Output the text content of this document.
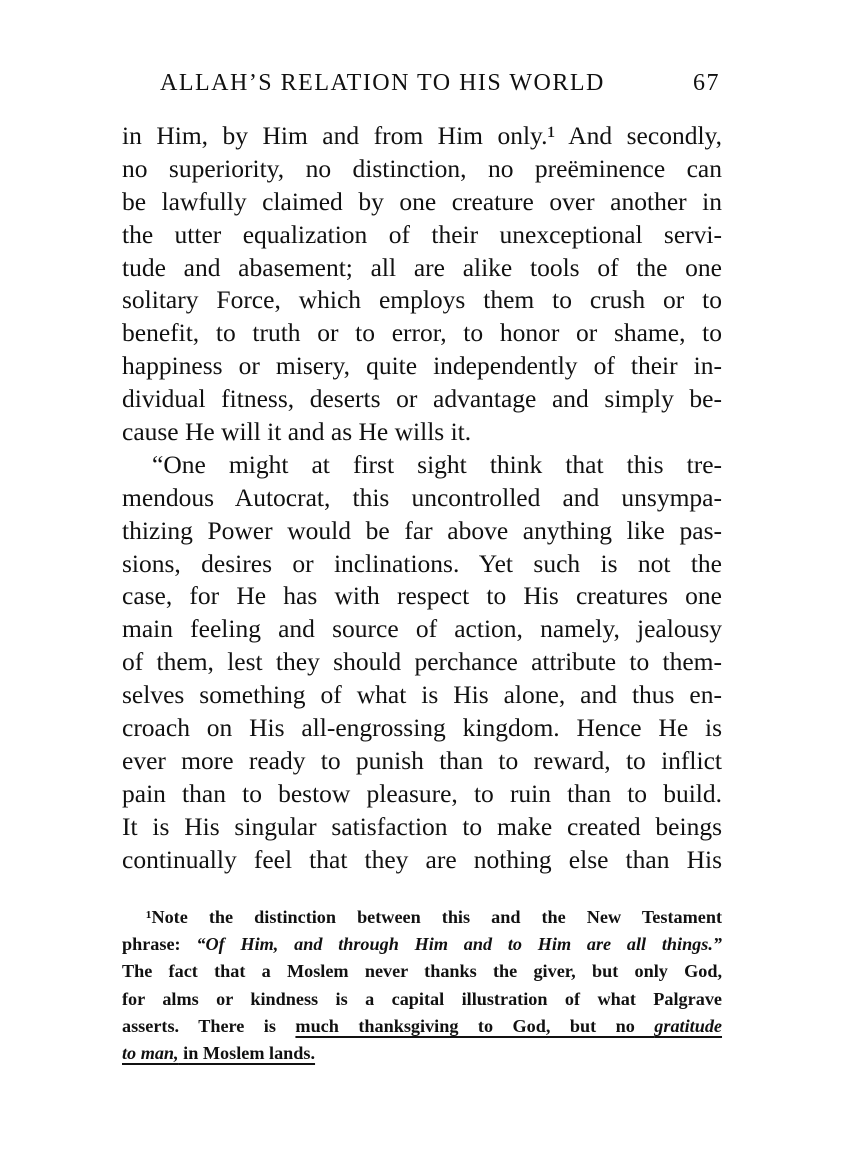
ALLAH’S RELATION TO HIS WORLD	67
in Him, by Him and from Him only.¹ And secondly,
no superiority, no distinction, no preëminence can
be lawfully claimed by one creature over another in
the utter equalization of their unexceptional servi-
tude and abasement; all are alike tools of the one
solitary Force, which employs them to crush or to
benefit, to truth or to error, to honor or shame, to
happiness or misery, quite independently of their in-
dividual fitness, deserts or advantage and simply be-
cause He will it and as He wills it.
“One might at first sight think that this tre-
mendous Autocrat, this uncontrolled and unsympa-
thizing Power would be far above anything like pas-
sions, desires or inclinations. Yet such is not the
case, for He has with respect to His creatures one
main feeling and source of action, namely, jealousy
of them, lest they should perchance attribute to them-
selves something of what is His alone, and thus en-
croach on His all-engrossing kingdom. Hence He is
ever more ready to punish than to reward, to inflict
pain than to bestow pleasure, to ruin than to build.
It is His singular satisfaction to make created beings
continually feel that they are nothing else than His
¹Note the distinction between this and the New Testament
phrase: “Of Him, and through Him and to Him are all things.”
The fact that a Moslem never thanks the giver, but only God,
for alms or kindness is a capital illustration of what Palgrave
asserts. There is much thanksgiving to God, but no gratitude
to man, in Moslem lands.
